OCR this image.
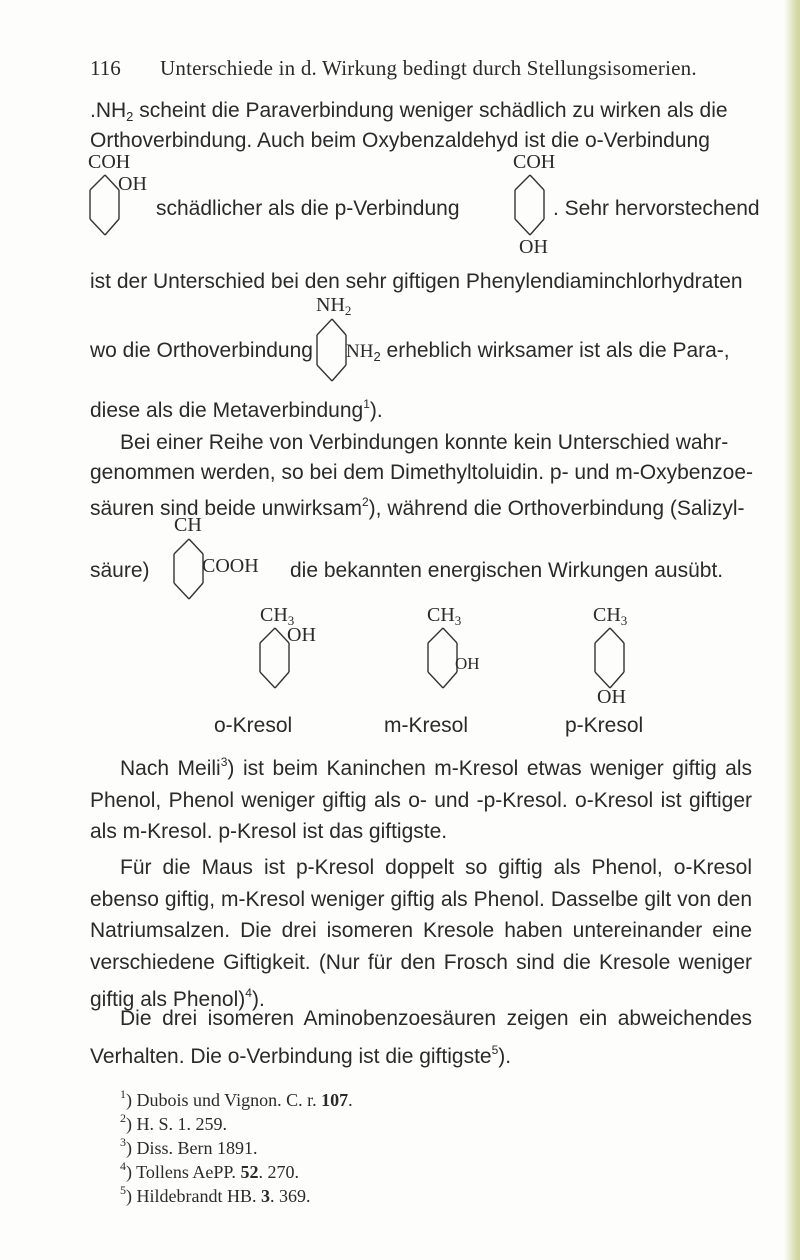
116 Unterschiede in d. Wirkung bedingt durch Stellungsisomerien.
$.NH_2$ scheint die Paraverbindung weniger schädlich zu wirken als die
Orthoverbindung. Auch beim Oxybenzaldehyd ist die o-Verbindung
COH
OH
schädlicher als die p-Verbindung
COH
OH
. Sehr hervorstechend
ist der Unterschied bei den sehr giftigen Phenylendiaminchlorhydraten
$NH_2$
wo die Orthoverbindung $NH_2$ erheblich wirksamer ist als die Para-,
diese als die Metaverbindung$^1$).
Bei einer Reihe von Verbindungen konnte kein Unterschied wahr-
genommen werden, so bei dem Dimethyltoluidin. p- und m-Oxybenzoe-
säuren sind beide unwirksam$^2$), während die Orthoverbindung (Salizyl-
CH
säure)	COOH die bekannten energischen Wirkungen ausübt.
$CH_3$
OH
o-Kresol
$CH_3$
OH
m-Kresol
$CH_3$
OH
p-Kresol
Nach Meili$^3$) ist beim Kaninchen m-Kresol etwas weniger giftig als Phenol, Phenol weniger giftig als o- und -p-Kresol. o-Kresol ist giftiger als m-Kresol. p-Kresol ist das giftigste.
Für die Maus ist p-Kresol doppelt so giftig als Phenol, o-Kresol ebenso giftig, m-Kresol weniger giftig als Phenol. Dasselbe gilt von den Natriumsalzen. Die drei isomeren Kresole haben untereinander eine verschiedene Giftigkeit. (Nur für den Frosch sind die Kresole weniger giftig als Phenol)$^4$).
Die drei isomeren Aminobenzoesäuren zeigen ein abweichendes Verhalten. Die o-Verbindung ist die giftigste$^5$).
$^1$) Dubois und Vignon. C. r. 107.
$^2$) H. S. 1. 259.
$^3$) Diss. Bern 1891.
$^4$) Tollens AePP. 52. 270.
$^5$) Hildebrandt HB. 3. 369.
